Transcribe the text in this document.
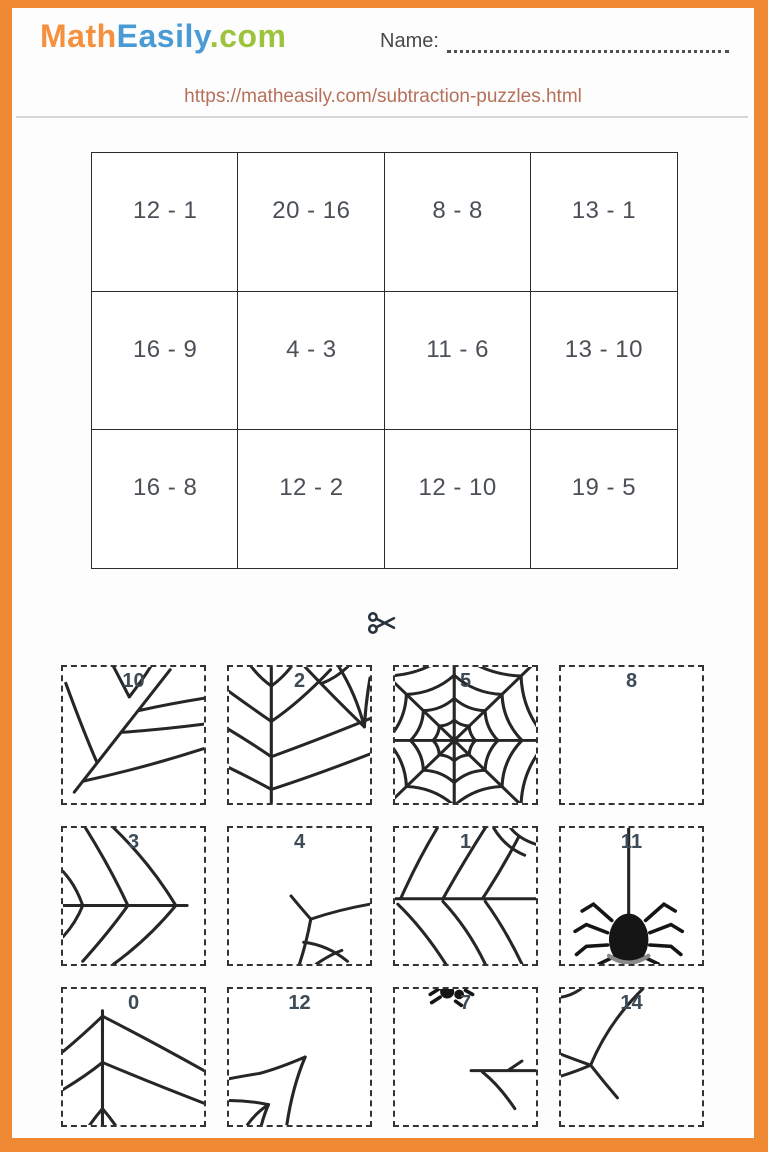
MathEasily.com	Name:
https://matheasily.com/subtraction-puzzles.html
12 - 1	20 - 16	8 - 8	13 - 1
16 - 9	4 - 3	11 - 6	13 - 10
16 - 8	12 - 2	12 - 10	19 - 5
10	2	5	8
3	4	1	11
0	12	7	14
